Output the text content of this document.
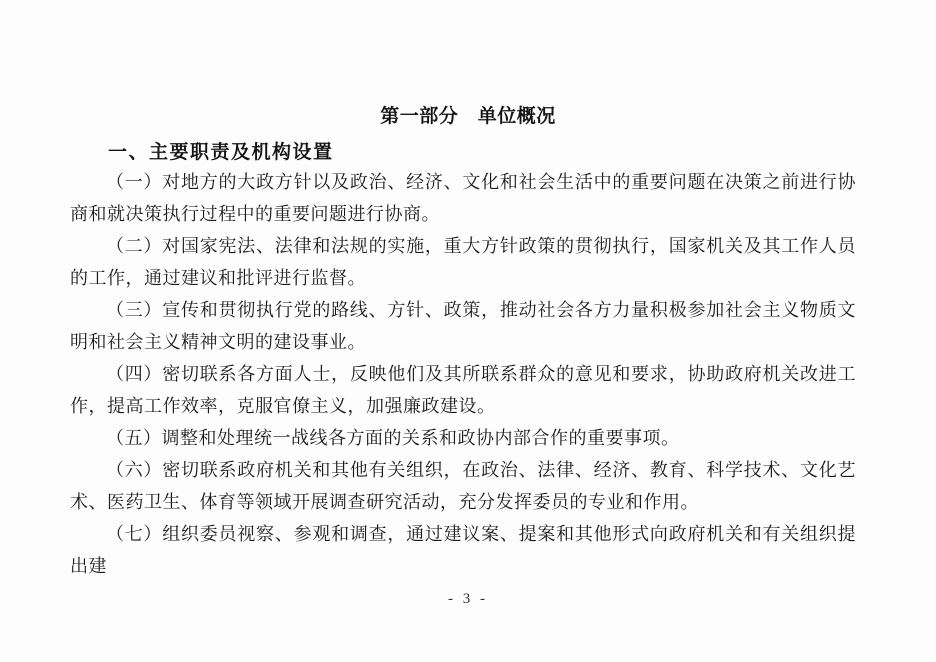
第一部分　单位概况
一、主要职责及机构设置

（一）对地方的大政方针以及政治、经济、文化和社会生活中的重要问题在决策之前进行协商和就决策执行过程中的重要问题进行协商。

（二）对国家宪法、法律和法规的实施，重大方针政策的贯彻执行，国家机关及其工作人员的工作，通过建议和批评进行监督。

（三）宣传和贯彻执行党的路线、方针、政策，推动社会各方力量积极参加社会主义物质文明和社会主义精神文明的建设事业。

（四）密切联系各方面人士，反映他们及其所联系群众的意见和要求，协助政府机关改进工作，提高工作效率，克服官僚主义，加强廉政建设。

（五）调整和处理统一战线各方面的关系和政协内部合作的重要事项。

（六）密切联系政府机关和其他有关组织，在政治、法律、经济、教育、科学技术、文化艺术、医药卫生、体育等领域开展调查研究活动，充分发挥委员的专业和作用。

（七）组织委员视察、参观和调查，通过建议案、提案和其他形式向政府机关和有关组织提出建

- 3 -
